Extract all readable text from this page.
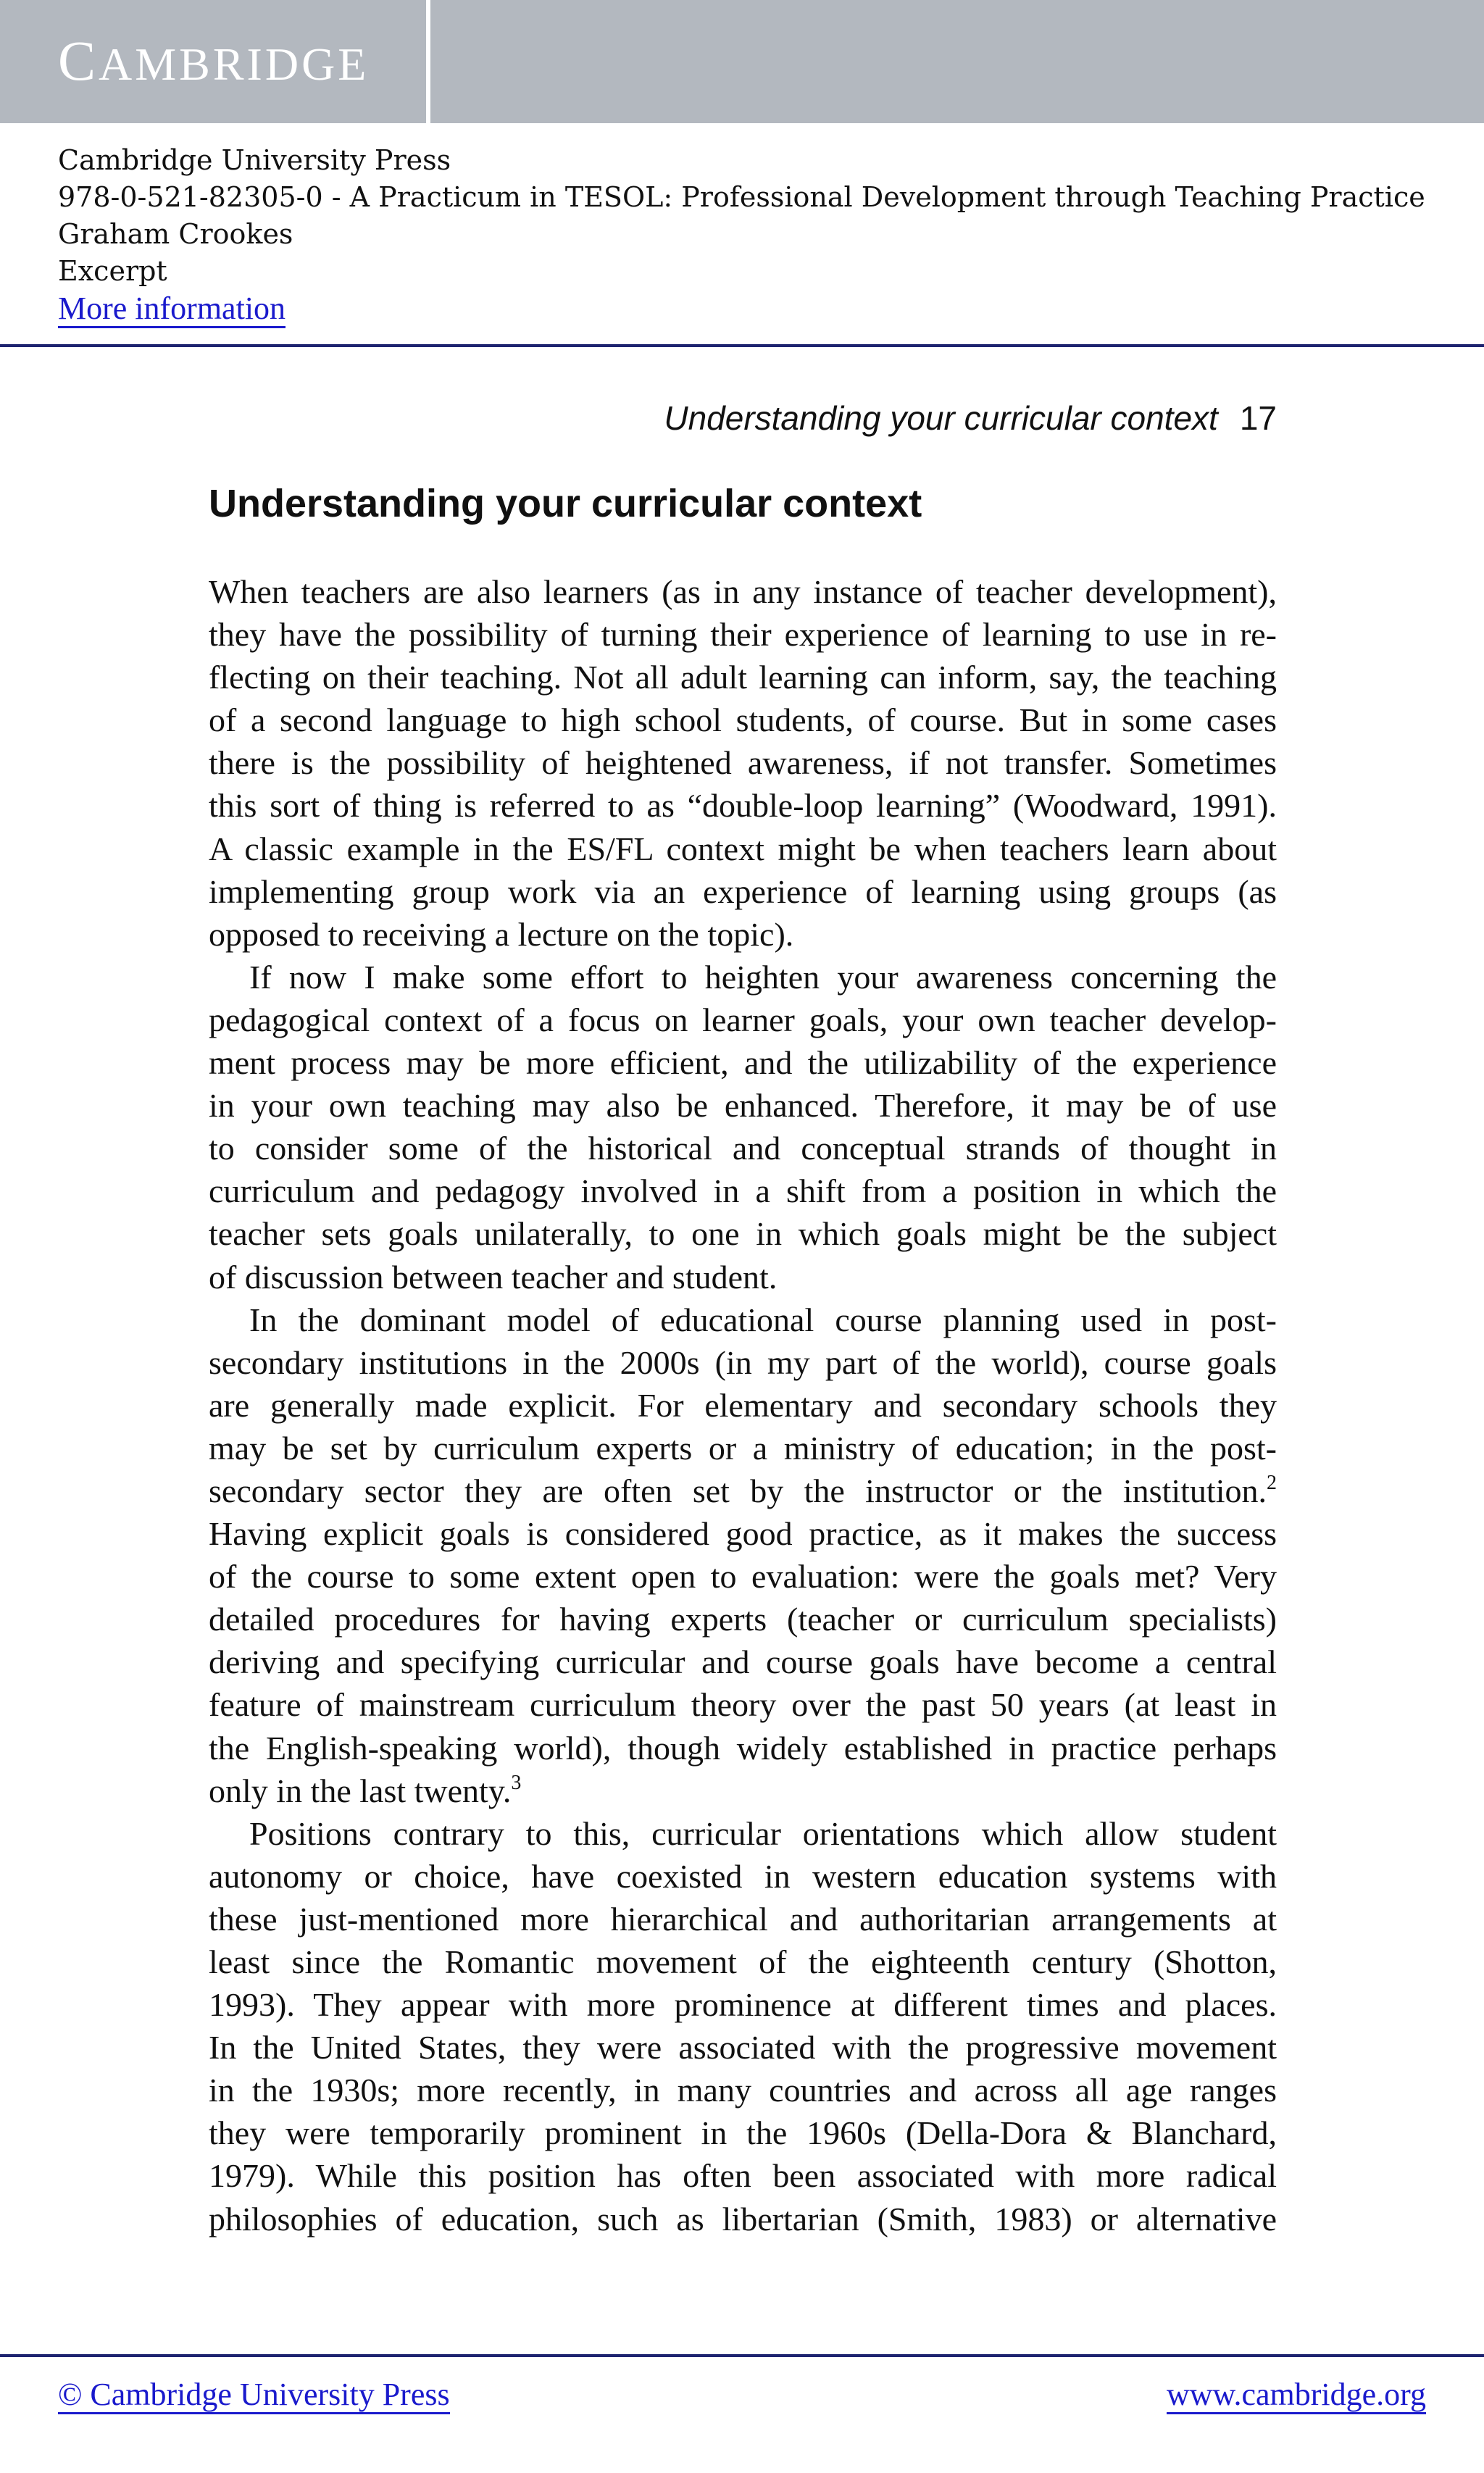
CAMBRIDGE
Cambridge University Press
978-0-521-82305-0 - A Practicum in TESOL: Professional Development through Teaching Practice
Graham Crookes
Excerpt
More information
Understanding your curricular context 17
Understanding your curricular context
When teachers are also learners (as in any instance of teacher development),
they have the possibility of turning their experience of learning to use in re-
flecting on their teaching. Not all adult learning can inform, say, the teaching
of a second language to high school students, of course. But in some cases
there is the possibility of heightened awareness, if not transfer. Sometimes
this sort of thing is referred to as “double-loop learning” (Woodward, 1991).
A classic example in the ES/FL context might be when teachers learn about
implementing group work via an experience of learning using groups (as
opposed to receiving a lecture on the topic).
If now I make some effort to heighten your awareness concerning the
pedagogical context of a focus on learner goals, your own teacher develop-
ment process may be more efficient, and the utilizability of the experience
in your own teaching may also be enhanced. Therefore, it may be of use
to consider some of the historical and conceptual strands of thought in
curriculum and pedagogy involved in a shift from a position in which the
teacher sets goals unilaterally, to one in which goals might be the subject
of discussion between teacher and student.
In the dominant model of educational course planning used in post-
secondary institutions in the 2000s (in my part of the world), course goals
are generally made explicit. For elementary and secondary schools they
may be set by curriculum experts or a ministry of education; in the post-
secondary sector they are often set by the instructor or the institution.$^2$
Having explicit goals is considered good practice, as it makes the success
of the course to some extent open to evaluation: were the goals met? Very
detailed procedures for having experts (teacher or curriculum specialists)
deriving and specifying curricular and course goals have become a central
feature of mainstream curriculum theory over the past 50 years (at least in
the English-speaking world), though widely established in practice perhaps
only in the last twenty.$^3$
Positions contrary to this, curricular orientations which allow student
autonomy or choice, have coexisted in western education systems with
these just-mentioned more hierarchical and authoritarian arrangements at
least since the Romantic movement of the eighteenth century (Shotton,
1993). They appear with more prominence at different times and places.
In the United States, they were associated with the progressive movement
in the 1930s; more recently, in many countries and across all age ranges
they were temporarily prominent in the 1960s (Della-Dora & Blanchard,
1979). While this position has often been associated with more radical
philosophies of education, such as libertarian (Smith, 1983) or alternative
© Cambridge University Press	www.cambridge.org
